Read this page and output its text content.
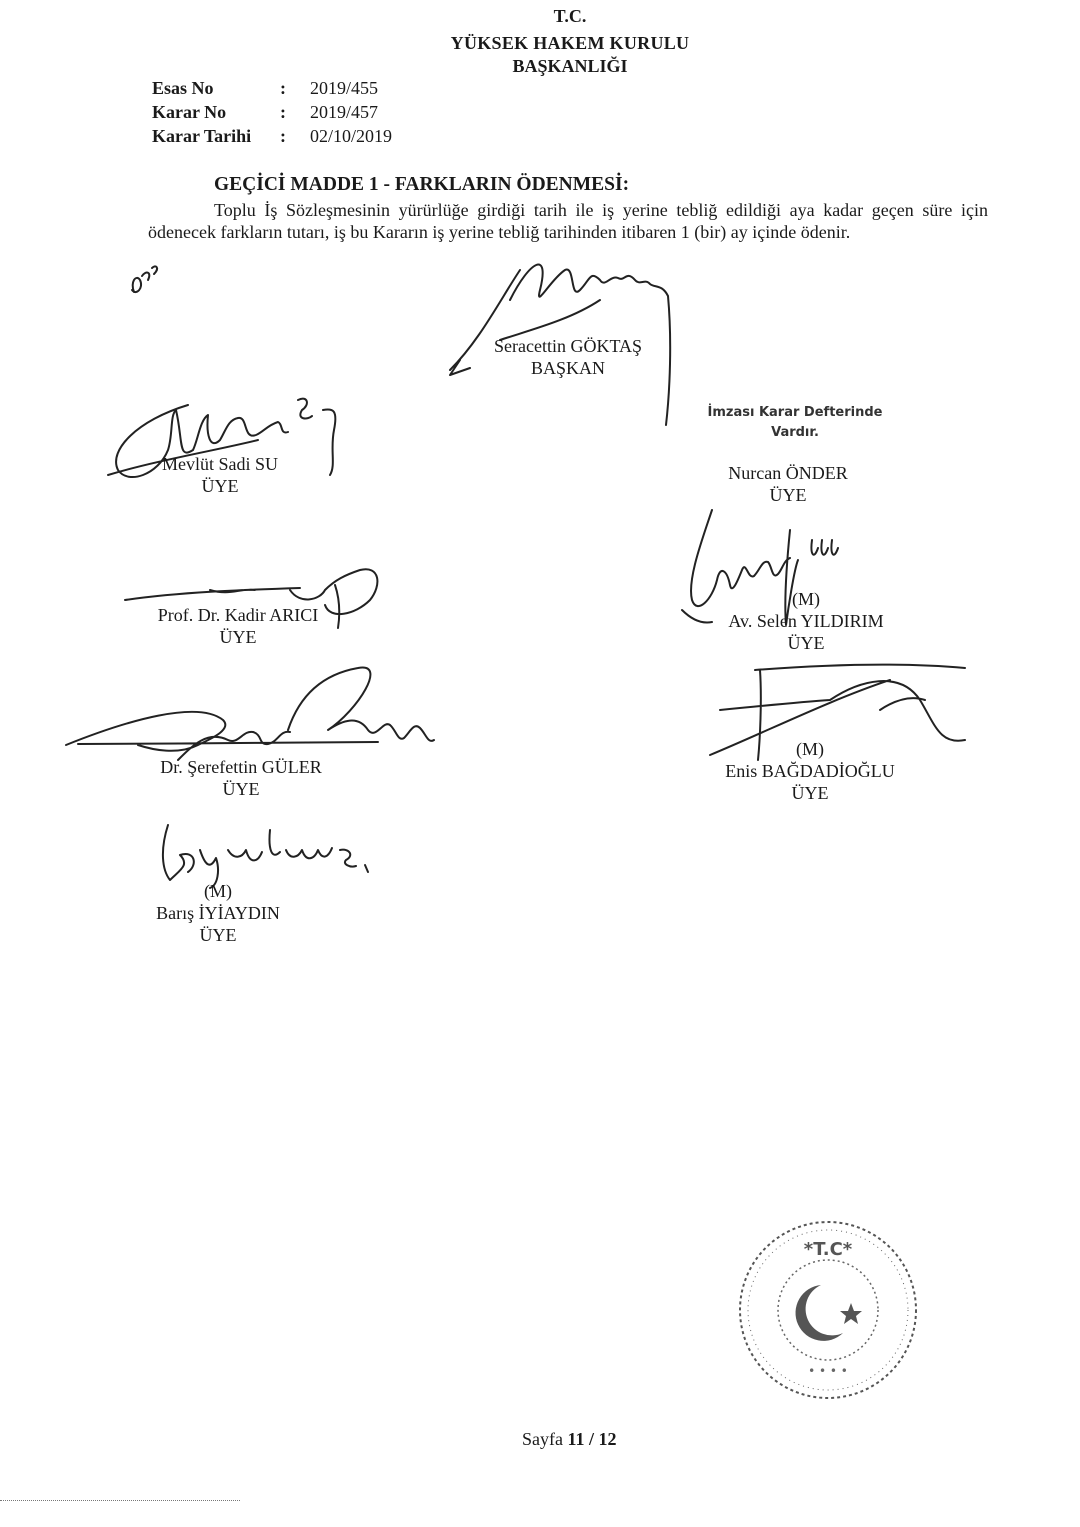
T.C.
YÜKSEK HAKEM KURULU
BAŞKANLIĞI
Esas No	:	2019/455
Karar No	:	2019/457
Karar Tarihi	:	02/10/2019
GEÇİCİ MADDE 1 - FARKLARIN ÖDENMESİ:
Toplu İş Sözleşmesinin yürürlüğe girdiği tarih ile iş yerine tebliğ edildiği aya kadar geçen süre için ödenecek farkların tutarı, iş bu Kararın iş yerine tebliğ tarihinden itibaren 1 (bir) ay içinde ödenir.
Seracettin GÖKTAŞ
BAŞKAN
Mevlüt Sadi SU
ÜYE
İmzası Karar Defterinde
Vardır.
Nurcan ÖNDER
ÜYE
Prof. Dr. Kadir ARICI
ÜYE
(M)
Av. Selen YILDIRIM
ÜYE
Dr. Şerefettin GÜLER
ÜYE
(M)
Enis BAĞDADİOĞLU
ÜYE
(M)
Barış İYİAYDIN
ÜYE
*T.C*
• • • •
Sayfa 11 / 12
